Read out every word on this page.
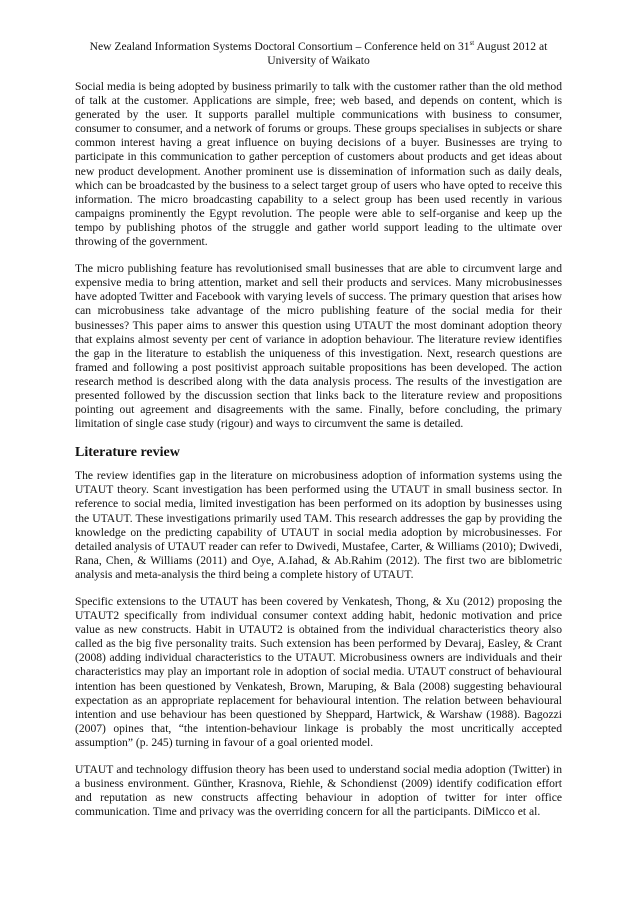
New Zealand Information Systems Doctoral Consortium – Conference held on 31st August 2012 at
University of Waikato

Social media is being adopted by business primarily to talk with the customer rather than the old method of talk at the customer. Applications are simple, free; web based, and depends on content, which is generated by the user. It supports parallel multiple communications with business to consumer, consumer to consumer, and a network of forums or groups. These groups specialises in subjects or share common interest having a great influence on buying decisions of a buyer. Businesses are trying to participate in this communication to gather perception of customers about products and get ideas about new product development. Another prominent use is dissemination of information such as daily deals, which can be broadcasted by the business to a select target group of users who have opted to receive this information. The micro broadcasting capability to a select group has been used recently in various campaigns prominently the Egypt revolution. The people were able to self-organise and keep up the tempo by publishing photos of the struggle and gather world support leading to the ultimate over throwing of the government.

The micro publishing feature has revolutionised small businesses that are able to circumvent large and expensive media to bring attention, market and sell their products and services. Many microbusinesses have adopted Twitter and Facebook with varying levels of success. The primary question that arises how can microbusiness take advantage of the micro publishing feature of the social media for their businesses? This paper aims to answer this question using UTAUT the most dominant adoption theory that explains almost seventy per cent of variance in adoption behaviour. The literature review identifies the gap in the literature to establish the uniqueness of this investigation. Next, research questions are framed and following a post positivist approach suitable propositions has been developed. The action research method is described along with the data analysis process. The results of the investigation are presented followed by the discussion section that links back to the literature review and propositions pointing out agreement and disagreements with the same. Finally, before concluding, the primary limitation of single case study (rigour) and ways to circumvent the same is detailed.

Literature review

The review identifies gap in the literature on microbusiness adoption of information systems using the UTAUT theory. Scant investigation has been performed using the UTAUT in small business sector. In reference to social media, limited investigation has been performed on its adoption by businesses using the UTAUT. These investigations primarily used TAM. This research addresses the gap by providing the knowledge on the predicting capability of UTAUT in social media adoption by microbusinesses. For detailed analysis of UTAUT reader can refer to Dwivedi, Mustafee, Carter, & Williams (2010); Dwivedi, Rana, Chen, & Williams (2011) and Oye, A.Iahad, & Ab.Rahim (2012). The first two are biblometric analysis and meta-analysis the third being a complete history of UTAUT.

Specific extensions to the UTAUT has been covered by Venkatesh, Thong, & Xu (2012) proposing the UTAUT2 specifically from individual consumer context adding habit, hedonic motivation and price value as new constructs. Habit in UTAUT2 is obtained from the individual characteristics theory also called as the big five personality traits. Such extension has been performed by Devaraj, Easley, & Crant (2008) adding individual characteristics to the UTAUT. Microbusiness owners are individuals and their characteristics may play an important role in adoption of social media. UTAUT construct of behavioural intention has been questioned by Venkatesh, Brown, Maruping, & Bala (2008) suggesting behavioural expectation as an appropriate replacement for behavioural intention. The relation between behavioural intention and use behaviour has been questioned by Sheppard, Hartwick, & Warshaw (1988). Bagozzi (2007) opines that, “the intention-behaviour linkage is probably the most uncritically accepted assumption” (p. 245) turning in favour of a goal oriented model.

UTAUT and technology diffusion theory has been used to understand social media adoption (Twitter) in a business environment. Günther, Krasnova, Riehle, & Schondienst (2009) identify codification effort and reputation as new constructs affecting behaviour in adoption of twitter for inter office communication. Time and privacy was the overriding concern for all the participants. DiMicco et al.
